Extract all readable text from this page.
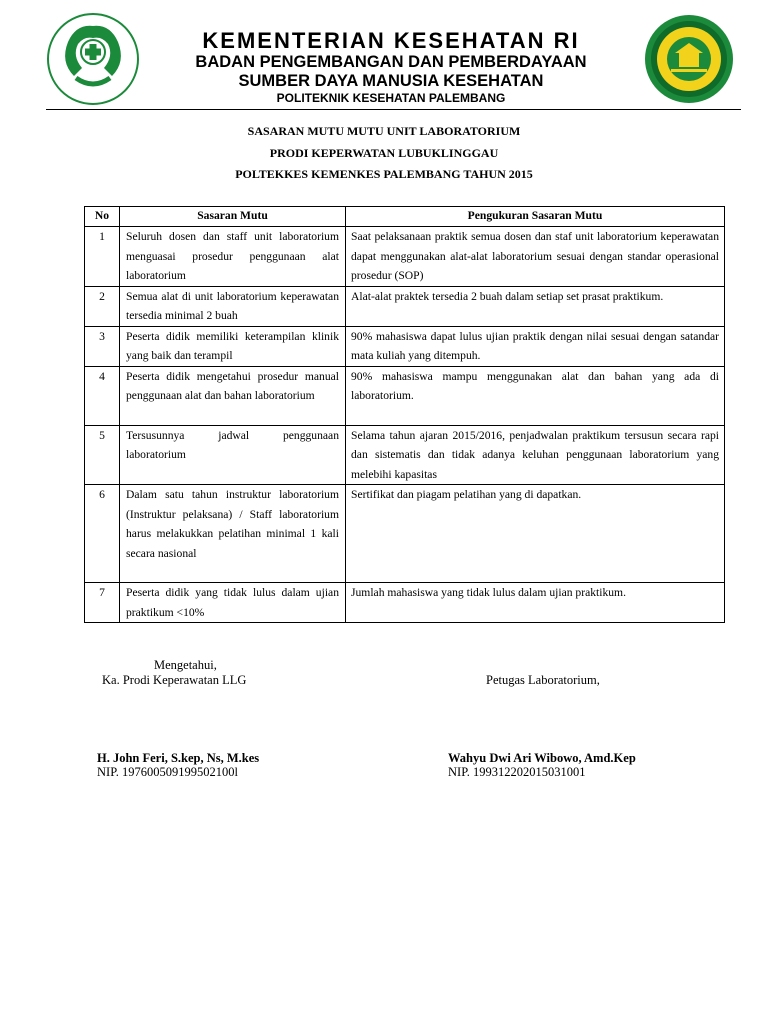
KEMENTERIAN KESEHATAN RI
BADAN PENGEMBANGAN DAN PEMBERDAYAAN
SUMBER DAYA MANUSIA KESEHATAN
POLITEKNIK KESEHATAN PALEMBANG
SASARAN MUTU MUTU UNIT LABORATORIUM
PRODI KEPERWATAN LUBUKLINGGAU
POLTEKKES KEMENKES PALEMBANG TAHUN 2015
No	Sasaran Mutu	Pengukuran Sasaran Mutu
1	Seluruh dosen dan staff unit laboratorium menguasai prosedur penggunaan alat laboratorium	Saat pelaksanaan praktik semua dosen dan staf unit laboratorium keperawatan dapat menggunakan alat-alat laboratorium sesuai dengan standar operasional prosedur (SOP)
2	Semua alat di unit laboratorium keperawatan tersedia minimal 2 buah	Alat-alat praktek tersedia 2 buah dalam setiap set prasat praktikum.
3	Peserta didik memiliki keterampilan klinik yang baik dan terampil	90% mahasiswa dapat lulus ujian praktik dengan nilai sesuai dengan satandar mata kuliah yang ditempuh.
4	Peserta didik mengetahui prosedur manual penggunaan alat dan bahan laboratorium	90% mahasiswa mampu menggunakan alat dan bahan yang ada di laboratorium.
5	Tersusunnya jadwal penggunaan laboratorium	Selama tahun ajaran 2015/2016, penjadwalan praktikum tersusun secara rapi dan sistematis dan tidak adanya keluhan penggunaan laboratorium yang melebihi kapasitas
6	Dalam satu tahun instruktur laboratorium (Instruktur pelaksana) / Staff laboratorium harus melakukkan pelatihan minimal 1 kali secara nasional	Sertifikat dan piagam pelatihan yang di dapatkan.
7	Peserta didik yang tidak lulus dalam ujian praktikum <10%	Jumlah mahasiswa yang tidak lulus dalam ujian praktikum.
Mengetahui,
Ka. Prodi Keperawatan LLG	Petugas Laboratorium,
H. John Feri, S.kep, Ns, M.kes
NIP. 197600509199502100l
Wahyu Dwi Ari Wibowo, Amd.Kep
NIP. 199312202015031001
